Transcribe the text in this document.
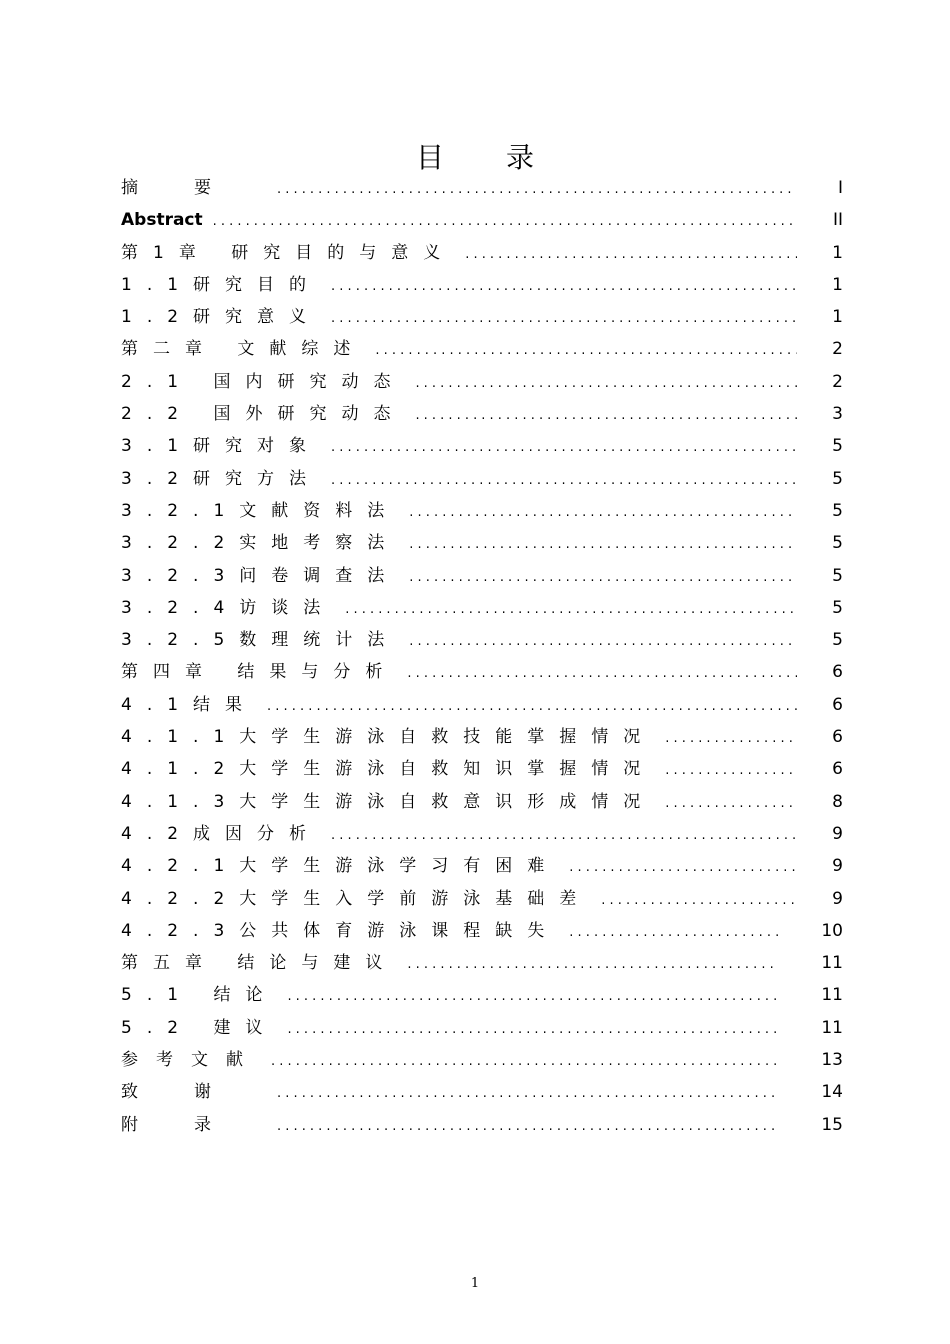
目录
摘要 .....	I
Abstract .....	II
第1章 研究目的与意义 .....	1
1.1研究目的 .....	1
1.2研究意义 .....	1
第二章 文献综述 .....	2
2.1 国内研究动态 .....	2
2.2 国外研究动态 .....	3
3.1研究对象 .....	5
3.2研究方法 .....	5
3.2.1文献资料法 .....	5
3.2.2实地考察法 .....	5
3.2.3问卷调查法 .....	5
3.2.4访谈法 .....	5
3.2.5数理统计法 .....	5
第四章 结果与分析 .....	6
4.1结果 .....	6
4.1.1大学生游泳自救技能掌握情况 .....	6
4.1.2大学生游泳自救知识掌握情况 .....	6
4.1.3大学生游泳自救意识形成情况 .....	8
4.2成因分析 .....	9
4.2.1大学生游泳学习有困难 .....	9
4.2.2大学生入学前游泳基础差 .....	9
4.2.3公共体育游泳课程缺失 .....	10
第五章 结论与建议 .....	11
5.1 结论 .....	11
5.2 建议 .....	11
参考文献 .....	13
致谢 .....	14
附录 .....	15
1
